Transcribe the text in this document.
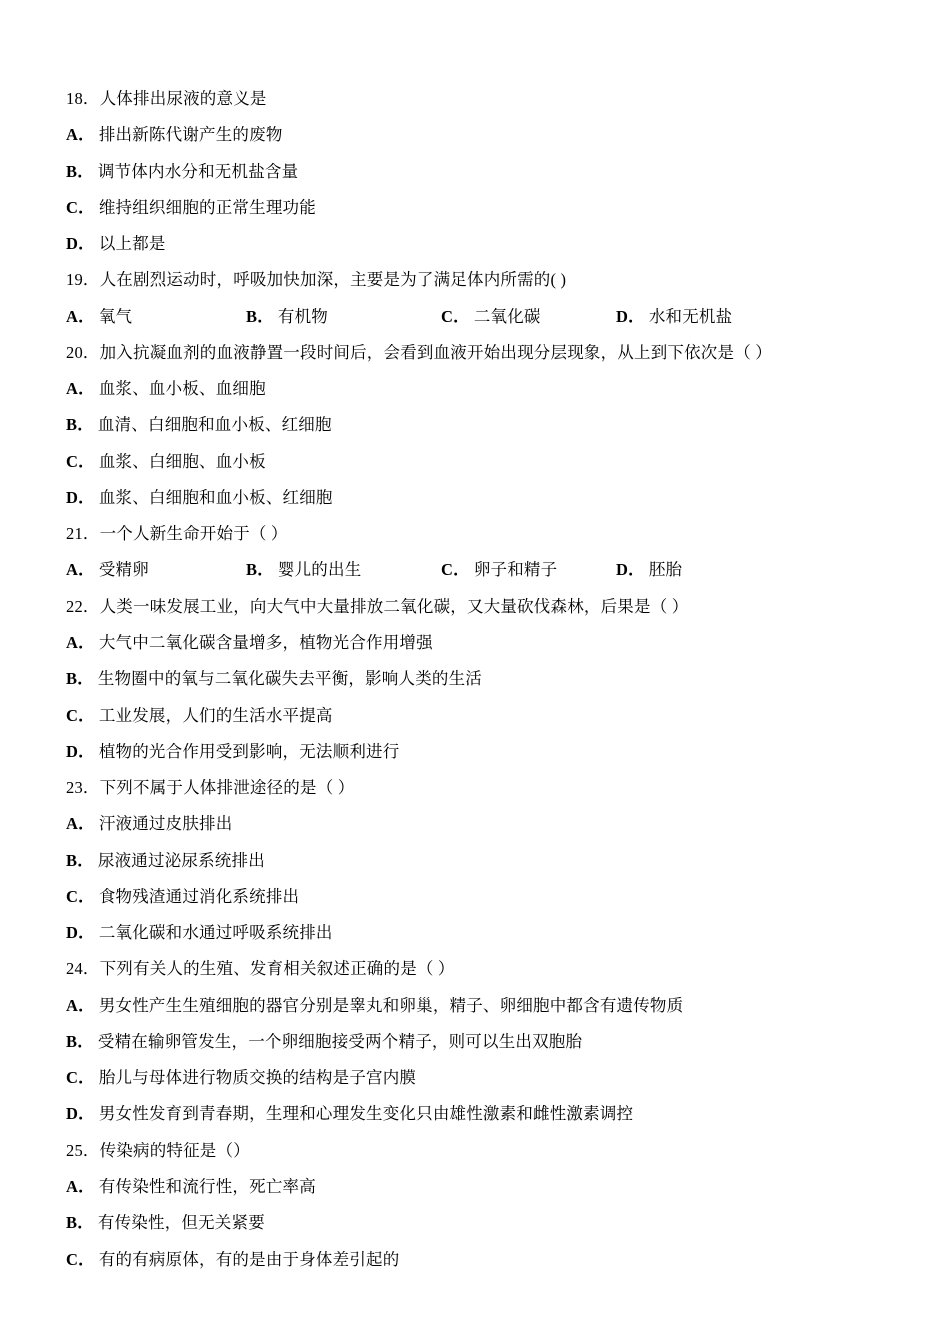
18．人体排出尿液的意义是

A． 排出新陈代谢产生的废物

B． 调节体内水分和无机盐含量

C． 维持组织细胞的正常生理功能

D． 以上都是

19．人在剧烈运动时，呼吸加快加深，主要是为了满足体内所需的( )

A． 氧气	B． 有机物	C． 二氧化碳	D． 水和无机盐

20．加入抗凝血剂的血液静置一段时间后，会看到血液开始出现分层现象，从上到下依次是（ ）

A． 血浆、血小板、血细胞

B． 血清、白细胞和血小板、红细胞

C． 血浆、白细胞、血小板

D． 血浆、白细胞和血小板、红细胞

21．一个人新生命开始于（ ）

A． 受精卵	B． 婴儿的出生	C． 卵子和精子	D． 胚胎

22．人类一味发展工业，向大气中大量排放二氧化碳，又大量砍伐森林，后果是（ ）

A． 大气中二氧化碳含量增多，植物光合作用增强

B． 生物圈中的氧与二氧化碳失去平衡，影响人类的生活

C． 工业发展，人们的生活水平提高

D． 植物的光合作用受到影响，无法顺利进行

23．下列不属于人体排泄途径的是（ ）

A． 汗液通过皮肤排出

B． 尿液通过泌尿系统排出

C． 食物残渣通过消化系统排出

D． 二氧化碳和水通过呼吸系统排出

24．下列有关人的生殖、发育相关叙述正确的是（ ）

A． 男女性产生生殖细胞的器官分别是睾丸和卵巢，精子、卵细胞中都含有遗传物质

B． 受精在输卵管发生，一个卵细胞接受两个精子，则可以生出双胞胎

C． 胎儿与母体进行物质交换的结构是子宫内膜

D． 男女性发育到青春期，生理和心理发生变化只由雄性激素和雌性激素调控

25．传染病的特征是（）

A． 有传染性和流行性，死亡率高

B． 有传染性，但无关紧要

C． 有的有病原体，有的是由于身体差引起的
